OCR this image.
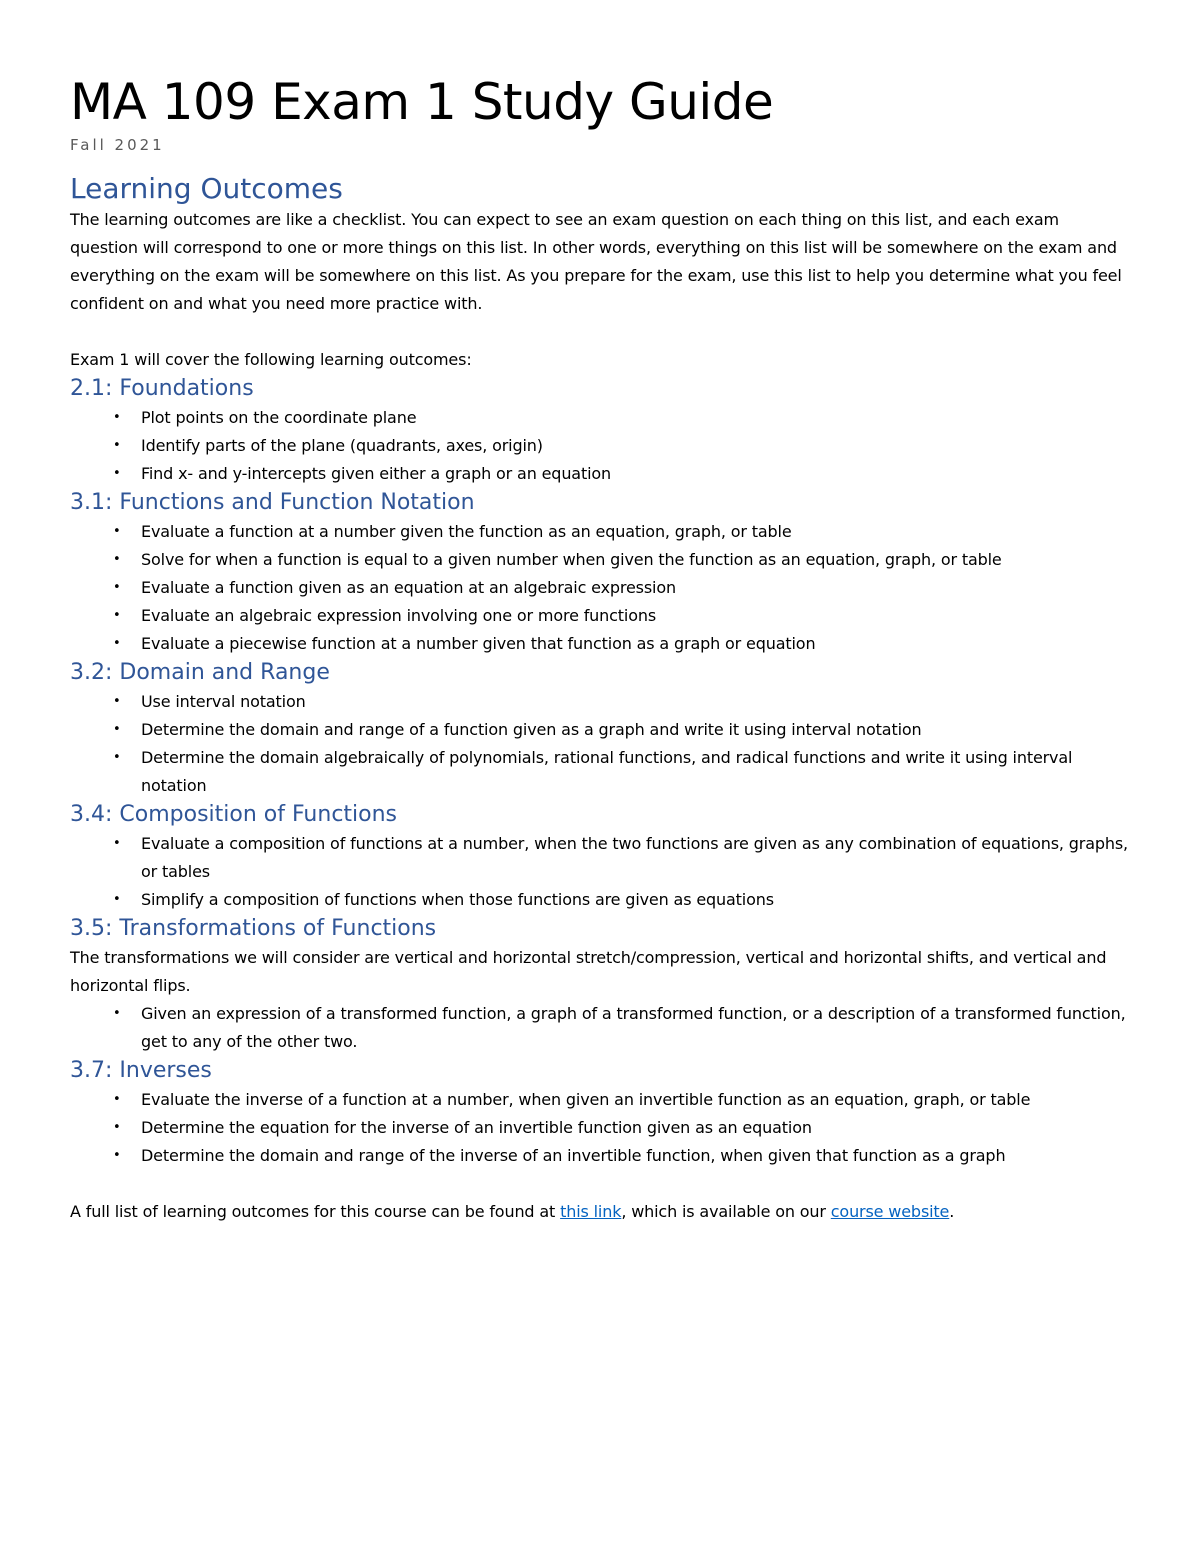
MA 109 Exam 1 Study Guide
Fall 2021
Learning Outcomes

The learning outcomes are like a checklist. You can expect to see an exam question on each thing on this list, and each exam question will correspond to one or more things on this list. In other words, everything on this list will be somewhere on the exam and everything on the exam will be somewhere on this list. As you prepare for the exam, use this list to help you determine what you feel confident on and what you need more practice with.

Exam 1 will cover the following learning outcomes:

2.1: Foundations
• Plot points on the coordinate plane
• Identify parts of the plane (quadrants, axes, origin)
• Find x- and y-intercepts given either a graph or an equation
3.1: Functions and Function Notation
• Evaluate a function at a number given the function as an equation, graph, or table
• Solve for when a function is equal to a given number when given the function as an equation, graph, or table
• Evaluate a function given as an equation at an algebraic expression
• Evaluate an algebraic expression involving one or more functions
• Evaluate a piecewise function at a number given that function as a graph or equation
3.2: Domain and Range
• Use interval notation
• Determine the domain and range of a function given as a graph and write it using interval notation
• Determine the domain algebraically of polynomials, rational functions, and radical functions and write it using interval notation
3.4: Composition of Functions
• Evaluate a composition of functions at a number, when the two functions are given as any combination of equations, graphs, or tables
• Simplify a composition of functions when those functions are given as equations
3.5: Transformations of Functions

The transformations we will consider are vertical and horizontal stretch/compression, vertical and horizontal shifts, and vertical and horizontal flips.

• Given an expression of a transformed function, a graph of a transformed function, or a description of a transformed function, get to any of the other two.
3.7: Inverses
• Evaluate the inverse of a function at a number, when given an invertible function as an equation, graph, or table
• Determine the equation for the inverse of an invertible function given as an equation
• Determine the domain and range of the inverse of an invertible function, when given that function as a graph

A full list of learning outcomes for this course can be found at this link, which is available on our course website.
